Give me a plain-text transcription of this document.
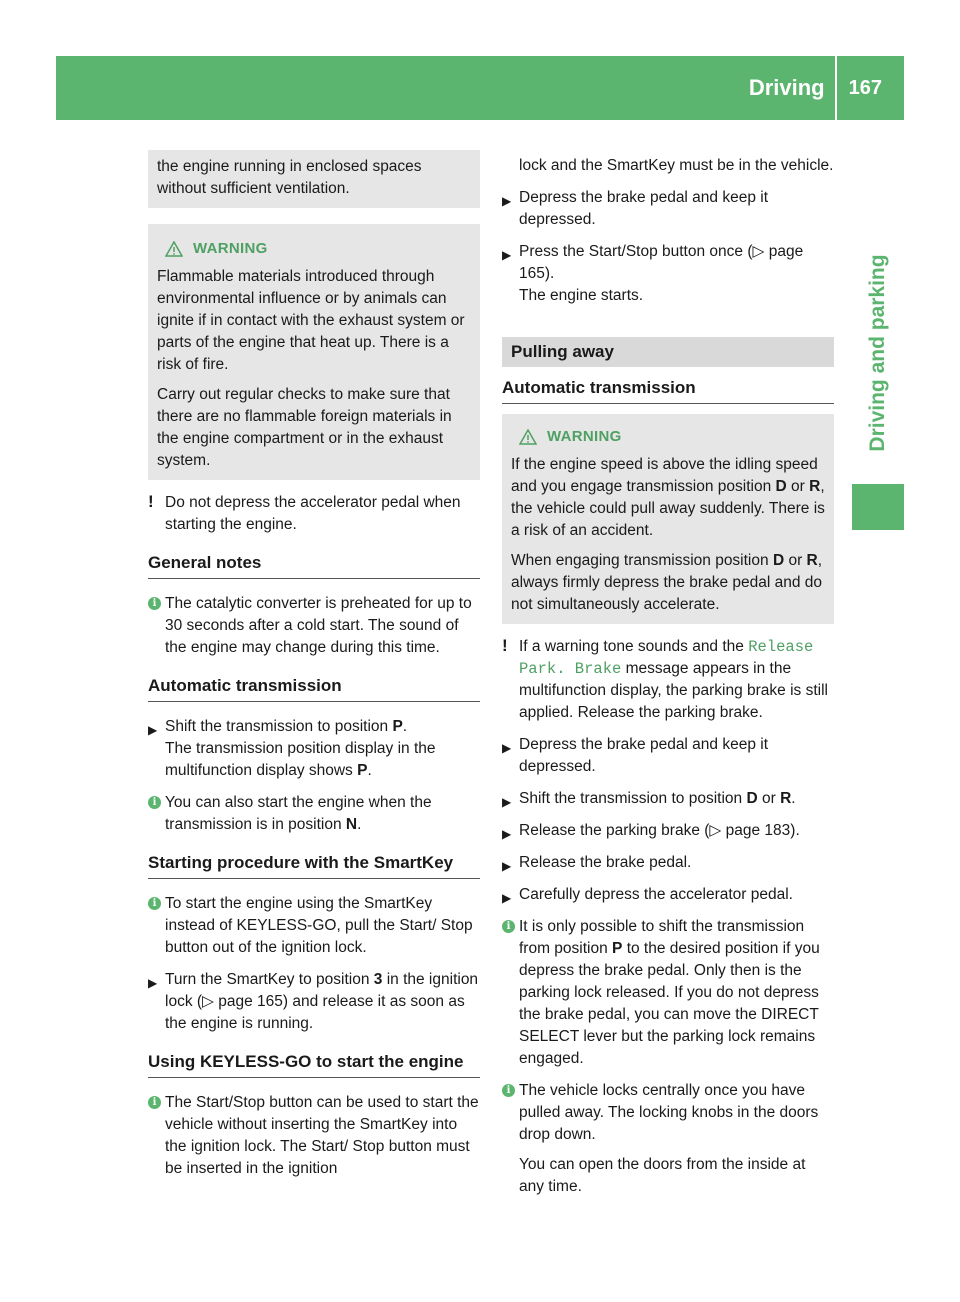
Driving	167
Driving and parking

the engine running in enclosed spaces without sufficient ventilation.

WARNING

Flammable materials introduced through environmental influence or by animals can ignite if in contact with the exhaust system or parts of the engine that heat up. There is a risk of fire.

Carry out regular checks to make sure that there are no flammable foreign materials in the engine compartment or in the exhaust system.

! Do not depress the accelerator pedal when starting the engine.

General notes
i The catalytic converter is preheated for up to 30 seconds after a cold start. The sound of the engine may change during this time.

Automatic transmission
▶ Shift the transmission to position P.

The transmission position display in the multifunction display shows P.

i You can also start the engine when the transmission is in position N.

Starting procedure with the SmartKey
i To start the engine using the SmartKey instead of KEYLESS-GO, pull the Start/ Stop button out of the ignition lock.

▶ Turn the SmartKey to position 3 in the ignition lock (▷ page 165) and release it as soon as the engine is running.

Using KEYLESS-GO to start the engine
i The Start/Stop button can be used to start the vehicle without inserting the SmartKey into the ignition lock. The Start/ Stop button must be inserted in the ignition

lock and the SmartKey must be in the vehicle.

▶ Depress the brake pedal and keep it depressed.

▶ Press the Start/Stop button once (▷ page 165).

The engine starts.

Pulling away
Automatic transmission
WARNING

If the engine speed is above the idling speed and you engage transmission position D or R, the vehicle could pull away suddenly. There is a risk of an accident.

When engaging transmission position D or R, always firmly depress the brake pedal and do not simultaneously accelerate.

! If a warning tone sounds and the Release Park. Brake message appears in the multifunction display, the parking brake is still applied. Release the parking brake.

▶ Depress the brake pedal and keep it depressed.

▶ Shift the transmission to position D or R.

▶ Release the parking brake (▷ page 183).

▶ Release the brake pedal.

▶ Carefully depress the accelerator pedal.

i It is only possible to shift the transmission from position P to the desired position if you depress the brake pedal. Only then is the parking lock released. If you do not depress the brake pedal, you can move the DIRECT SELECT lever but the parking lock remains engaged.

i The vehicle locks centrally once you have pulled away. The locking knobs in the doors drop down.

You can open the doors from the inside at any time.
